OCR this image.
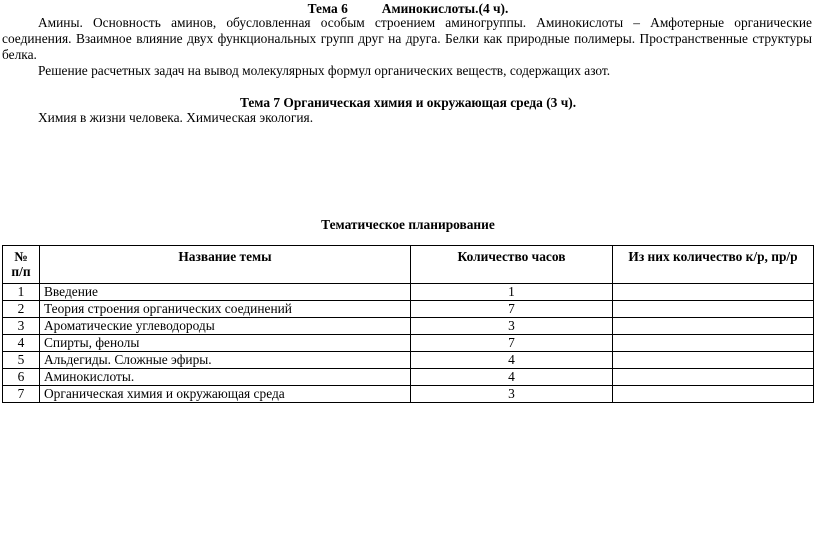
Тема 6	Аминокислоты.(4 ч).
Амины. Основность аминов, обусловленная особым строением аминогруппы. Аминокислоты – Амфотерные органические соединения. Взаимное влияние двух функциональных групп друг на друга. Белки как природные полимеры. Пространственные структуры белка.
Решение расчетных задач на вывод молекулярных формул органических веществ, содержащих азот.
Тема 7 Органическая химия и окружающая среда (3 ч).
Химия в жизни человека. Химическая экология.
Тематическое планирование
№ п/п	Название темы	Количество часов	Из них количество к/р, пр/р
1	Введение	1	
2	Теория строения органических соединений	7	
3	Ароматические углеводороды	3	
4	Спирты, фенолы	7	
5	Альдегиды. Сложные эфиры.	4	
6	Аминокислоты.	4	
7	Органическая химия и окружающая среда	3	
